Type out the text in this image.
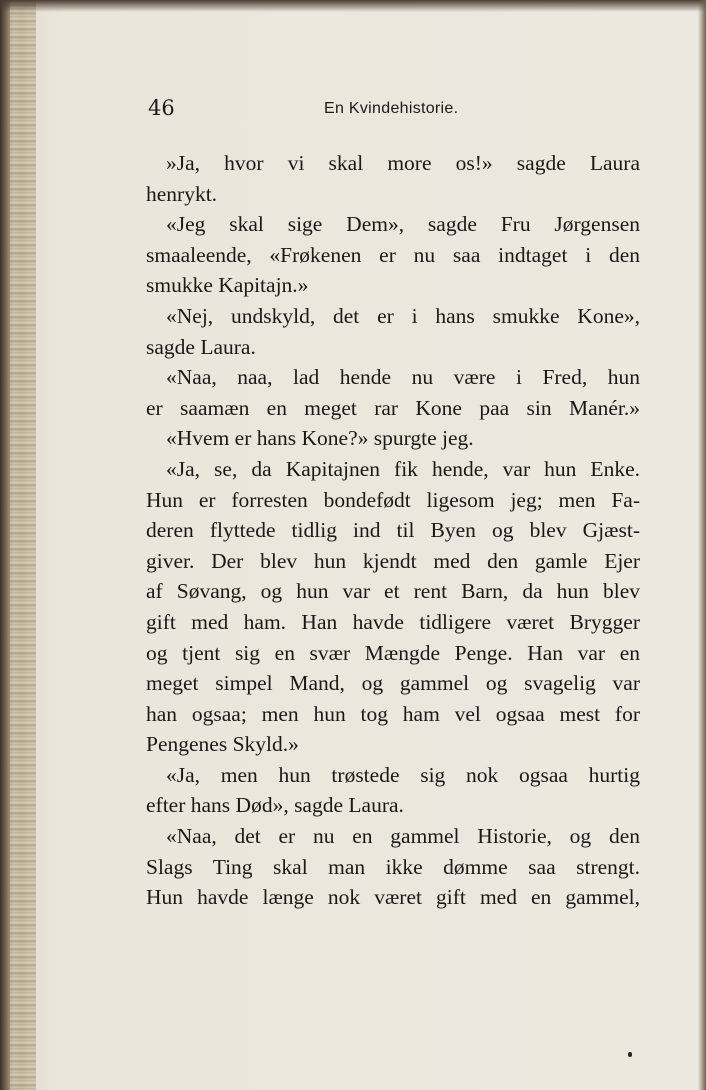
46	En Kvindehistorie.
»Ja, hvor vi skal more os!» sagde Laura
henrykt.
«Jeg skal sige Dem», sagde Fru Jørgensen
smaaleende, «Frøkenen er nu saa indtaget i den
smukke Kapitajn.»
«Nej, undskyld, det er i hans smukke Kone»,
sagde Laura.
«Naa, naa, lad hende nu være i Fred, hun
er saamæn en meget rar Kone paa sin Manér.»
«Hvem er hans Kone?» spurgte jeg.
«Ja, se, da Kapitajnen fik hende, var hun Enke.
Hun er forresten bondefødt ligesom jeg; men Fa-
deren flyttede tidlig ind til Byen og blev Gjæst-
giver. Der blev hun kjendt med den gamle Ejer
af Søvang, og hun var et rent Barn, da hun blev
gift med ham. Han havde tidligere været Brygger
og tjent sig en svær Mængde Penge. Han var en
meget simpel Mand, og gammel og svagelig var
han ogsaa; men hun tog ham vel ogsaa mest for
Pengenes Skyld.»
«Ja, men hun trøstede sig nok ogsaa hurtig
efter hans Død», sagde Laura.
«Naa, det er nu en gammel Historie, og den
Slags Ting skal man ikke dømme saa strengt.
Hun havde længe nok været gift med en gammel,
